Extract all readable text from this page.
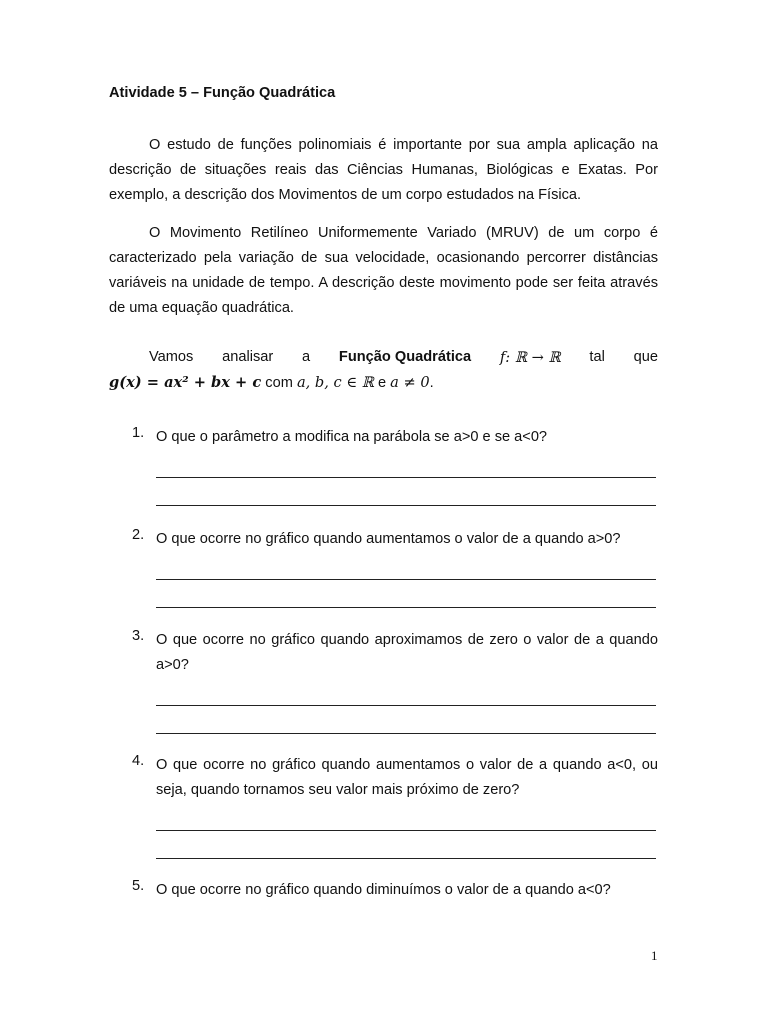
Atividade 5 – Função Quadrática

O estudo de funções polinomiais é importante por sua ampla aplicação na descrição de situações reais das Ciências Humanas, Biológicas e Exatas. Por exemplo, a descrição dos Movimentos de um corpo estudados na Física.

O Movimento Retilíneo Uniformemente Variado (MRUV) de um corpo é caracterizado pela variação de sua velocidade, ocasionando percorrer distâncias variáveis na unidade de tempo. A descrição deste movimento pode ser feita através de uma equação quadrática.

Vamos analisar a Função Quadrática f: ℝ → ℝ tal que
g(x) = ax² + bx + c com a, b, c ∈ ℝ e a ≠ 0.
1. O que o parâmetro a modifica na parábola se a>0 e se a<0?
2. O que ocorre no gráfico quando aumentamos o valor de a quando a>0?
3. O que ocorre no gráfico quando aproximamos de zero o valor de a quando a>0?
4. O que ocorre no gráfico quando aumentamos o valor de a quando a<0, ou seja, quando tornamos seu valor mais próximo de zero?
5. O que ocorre no gráfico quando diminuímos o valor de a quando a<0?
1
